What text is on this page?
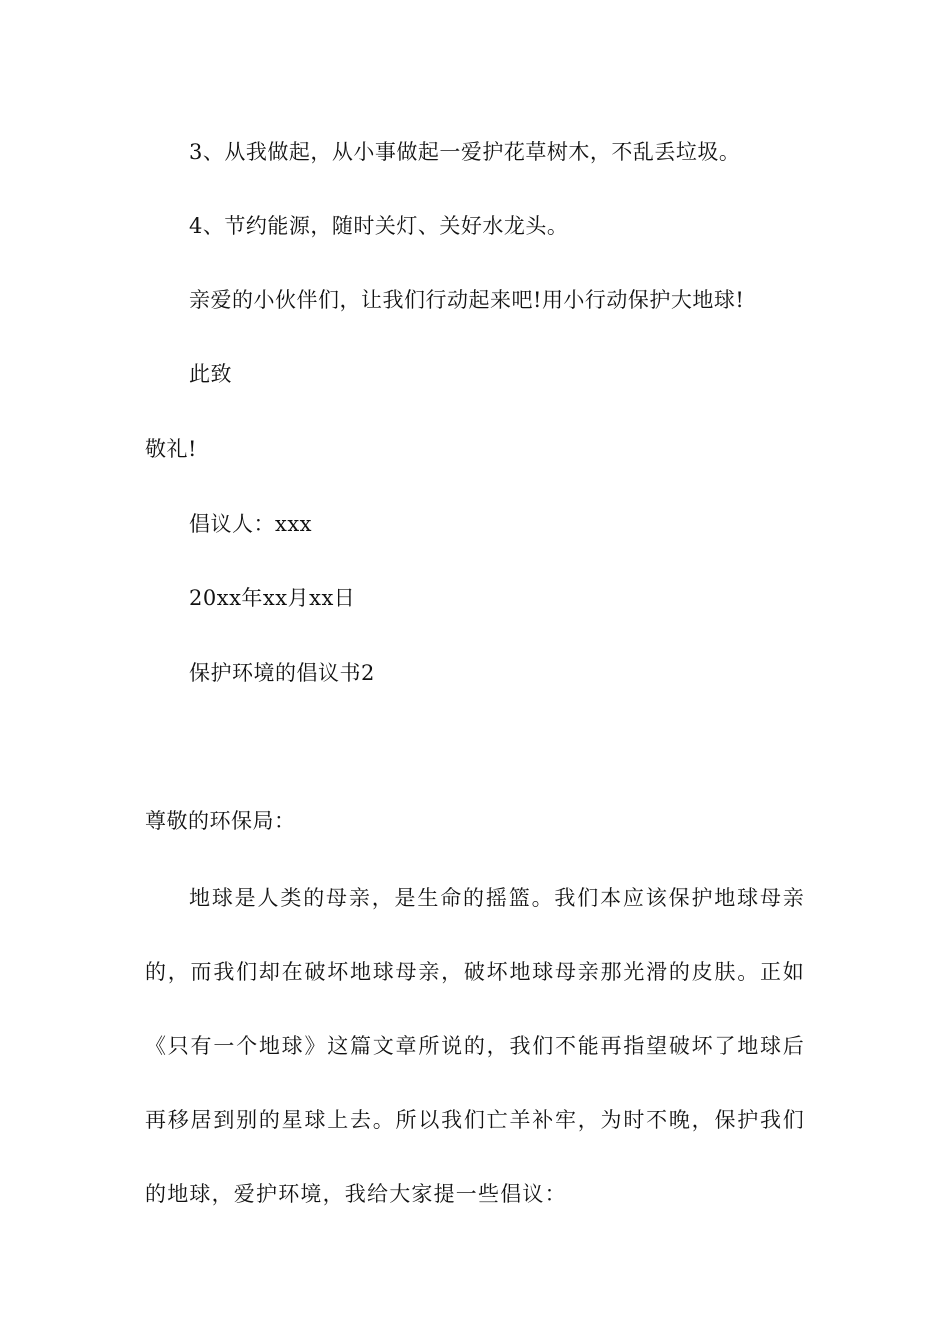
3、从我做起，从小事做起一爱护花草树木，不乱丢垃圾。
4、节约能源，随时关灯、关好水龙头。
亲爱的小伙伴们，让我们行动起来吧!用小行动保护大地球!
此致
敬礼!
倡议人：xxx
20xx年xx月xx日
保护环境的倡议书2
尊敬的环保局：

地球是人类的母亲，是生命的摇篮。我们本应该保护地球母亲的，而我们却在破坏地球母亲，破坏地球母亲那光滑的皮肤。正如《只有一个地球》这篇文章所说的，我们不能再指望破坏了地球后再移居到别的星球上去。所以我们亡羊补牢，为时不晚，保护我们的地球，爱护环境，我给大家提一些倡议：
